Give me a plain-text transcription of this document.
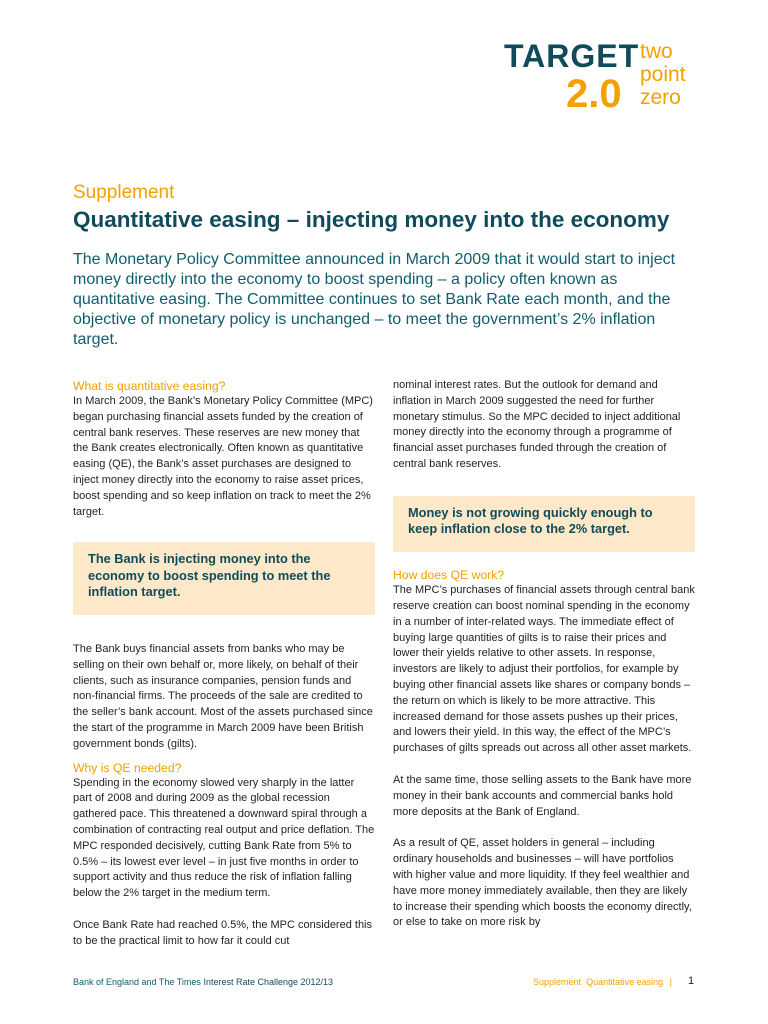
TARGET
2.0
two
point
zero
Supplement
Quantitative easing – injecting money into the economy
The Monetary Policy Committee announced in March 2009 that it would start to inject money directly into the economy to boost spending – a policy often known as quantitative easing. The Committee continues to set Bank Rate each month, and the objective of monetary policy is unchanged – to meet the government’s 2% inflation target.
What is quantitative easing?

In March 2009, the Bank’s Monetary Policy Committee (MPC) began purchasing financial assets funded by the creation of central bank reserves. These reserves are new money that the Bank creates electronically. Often known as quantitative easing (QE), the Bank’s asset purchases are designed to inject money directly into the economy to raise asset prices, boost spending and so keep inflation on track to meet the 2% target.

The Bank is injecting money into the economy to boost spending to meet the inflation target.

The Bank buys financial assets from banks who may be selling on their own behalf or, more likely, on behalf of their clients, such as insurance companies, pension funds and non-financial firms. The proceeds of the sale are credited to the seller’s bank account. Most of the assets purchased since the start of the programme in March 2009 have been British government bonds (gilts).

Why is QE needed?

Spending in the economy slowed very sharply in the latter part of 2008 and during 2009 as the global recession gathered pace. This threatened a downward spiral through a combination of contracting real output and price deflation. The MPC responded decisively, cutting Bank Rate from 5% to 0.5% – its lowest ever level – in just five months in order to support activity and thus reduce the risk of inflation falling below the 2% target in the medium term.

Once Bank Rate had reached 0.5%, the MPC considered this to be the practical limit to how far it could cut

nominal interest rates. But the outlook for demand and inflation in March 2009 suggested the need for further monetary stimulus. So the MPC decided to inject additional money directly into the economy through a programme of financial asset purchases funded through the creation of central bank reserves.

Money is not growing quickly enough to keep inflation close to the 2% target.
How does QE work?

The MPC’s purchases of financial assets through central bank reserve creation can boost nominal spending in the economy in a number of inter-related ways. The immediate effect of buying large quantities of gilts is to raise their prices and lower their yields relative to other assets. In response, investors are likely to adjust their portfolios, for example by buying other financial assets like shares or company bonds – the return on which is likely to be more attractive. This increased demand for those assets pushes up their prices, and lowers their yield. In this way, the effect of the MPC’s purchases of gilts spreads out across all other asset markets.

At the same time, those selling assets to the Bank have more money in their bank accounts and commercial banks hold more deposits at the Bank of England.

As a result of QE, asset holders in general – including ordinary households and businesses – will have portfolios with higher value and more liquidity. If they feel wealthier and have more money immediately available, then they are likely to increase their spending which boosts the economy directly, or else to take on more risk by

Bank of England and The Times Interest Rate Challenge 2012/13	Supplement Quantitative easing | 1
